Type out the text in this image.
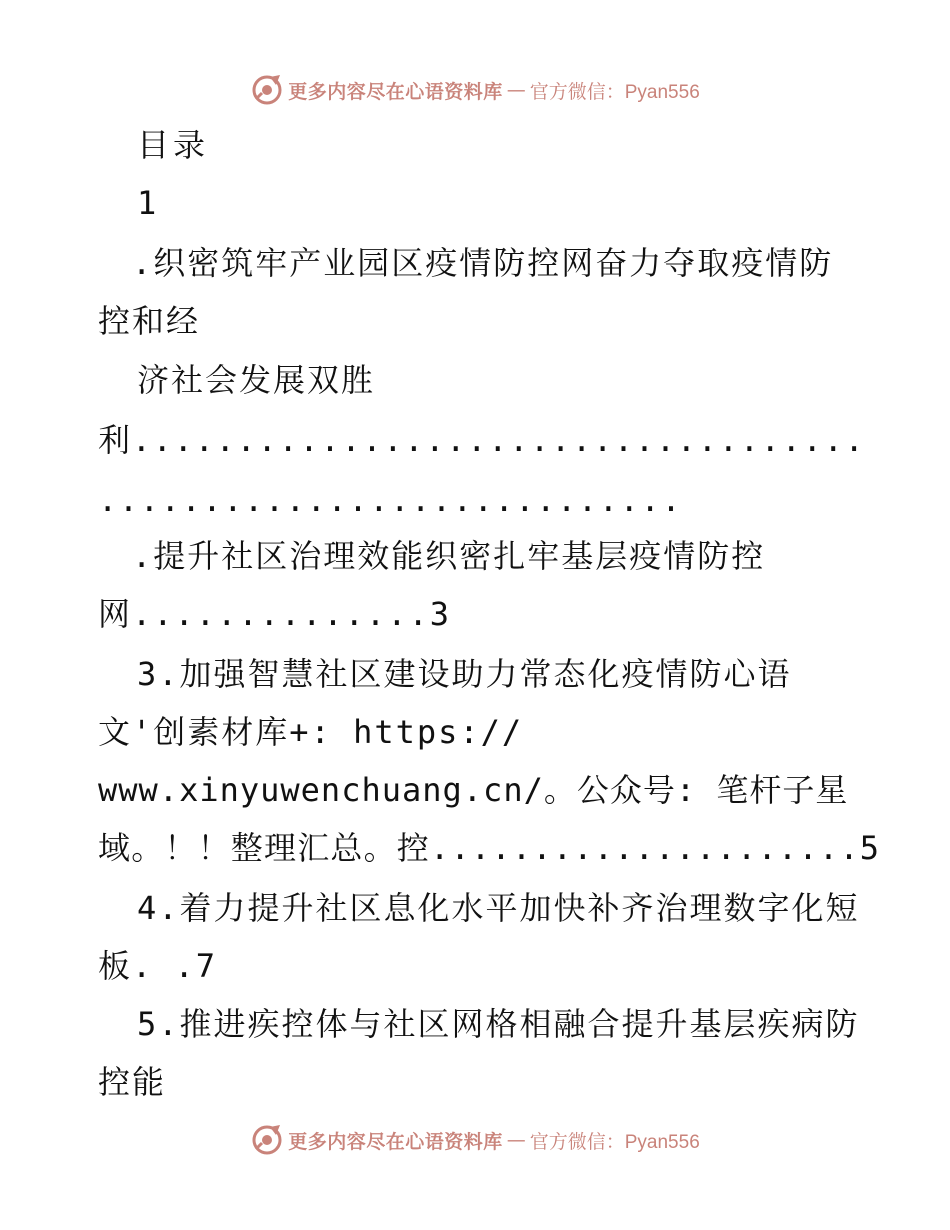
更多内容尽在心语资料库 — 官方微信：Pyan556
目录
1
.织密筑牢产业园区疫情防控网奋力夺取疫情防
控和经
济社会发展双胜
利...................................
............................
.提升社区治理效能织密扎牢基层疫情防控
网..............3
3.加强智慧社区建设助力常态化疫情防心语
文'创素材库+: https://
www.xinyuwenchuang.cn/。公众号: 笔杆子星
域。！！整理汇总。控.....................5
4.着力提升社区息化水平加快补齐治理数字化短
板. .7
5.推进疾控体与社区网格相融合提升基层疾病防
控能
更多内容尽在心语资料库 — 官方微信：Pyan556
